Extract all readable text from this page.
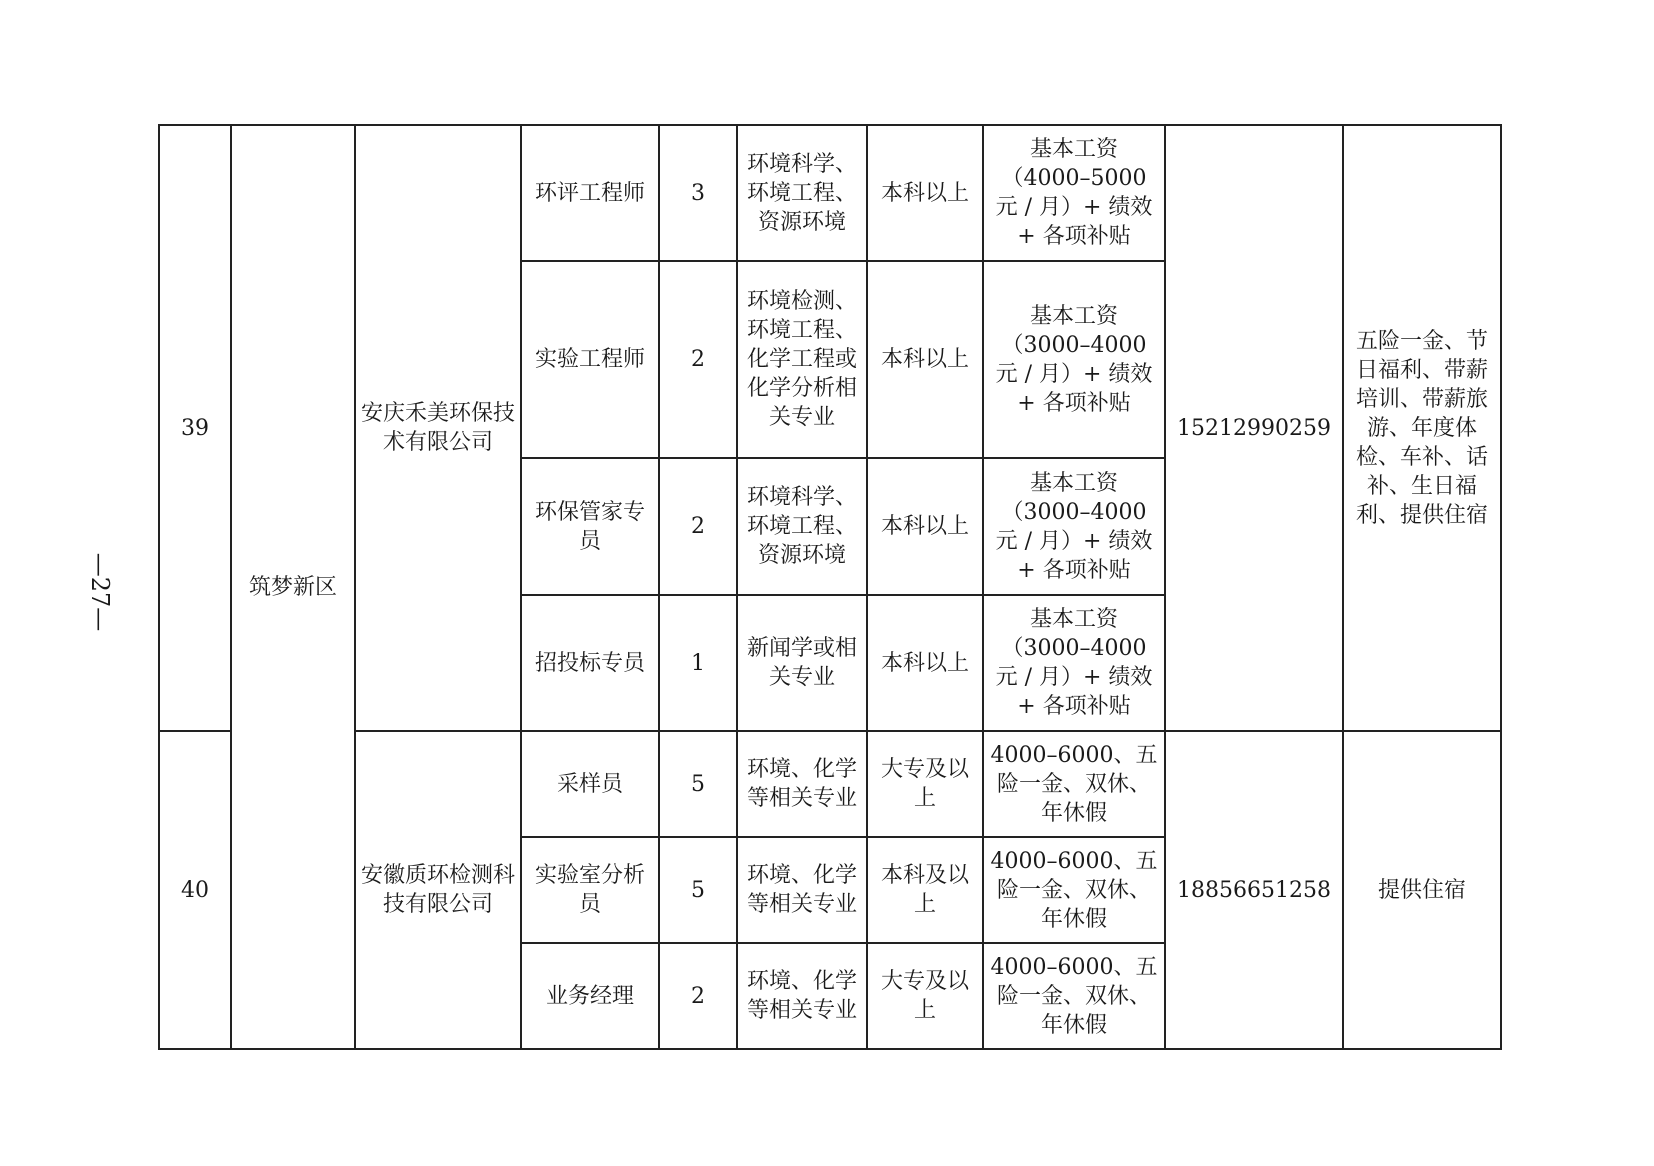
—27—
39	筑梦新区	安庆禾美环保技术有限公司	环评工程师	3	环境科学、环境工程、资源环境	本科以上	基本工资（4000–5000 元 / 月）+ 绩效 + 各项补贴	15212990259	五险一金、节日福利、带薪培训、带薪旅游、年度体检、车补、话补、生日福利、提供住宿
			实验工程师	2	环境检测、环境工程、化学工程或化学分析相关专业	本科以上	基本工资（3000–4000 元 / 月）+ 绩效 + 各项补贴		
			环保管家专员	2	环境科学、环境工程、资源环境	本科以上	基本工资（3000–4000 元 / 月）+ 绩效 + 各项补贴		
			招投标专员	1	新闻学或相关专业	本科以上	基本工资（3000–4000 元 / 月）+ 绩效 + 各项补贴		
40		安徽质环检测科技有限公司	采样员	5	环境、化学等相关专业	大专及以上	4000–6000、五险一金、双休、年休假	18856651258	提供住宿
			实验室分析员	5	环境、化学等相关专业	本科及以上	4000–6000、五险一金、双休、年休假		
			业务经理	2	环境、化学等相关专业	大专及以上	4000–6000、五险一金、双休、年休假		
